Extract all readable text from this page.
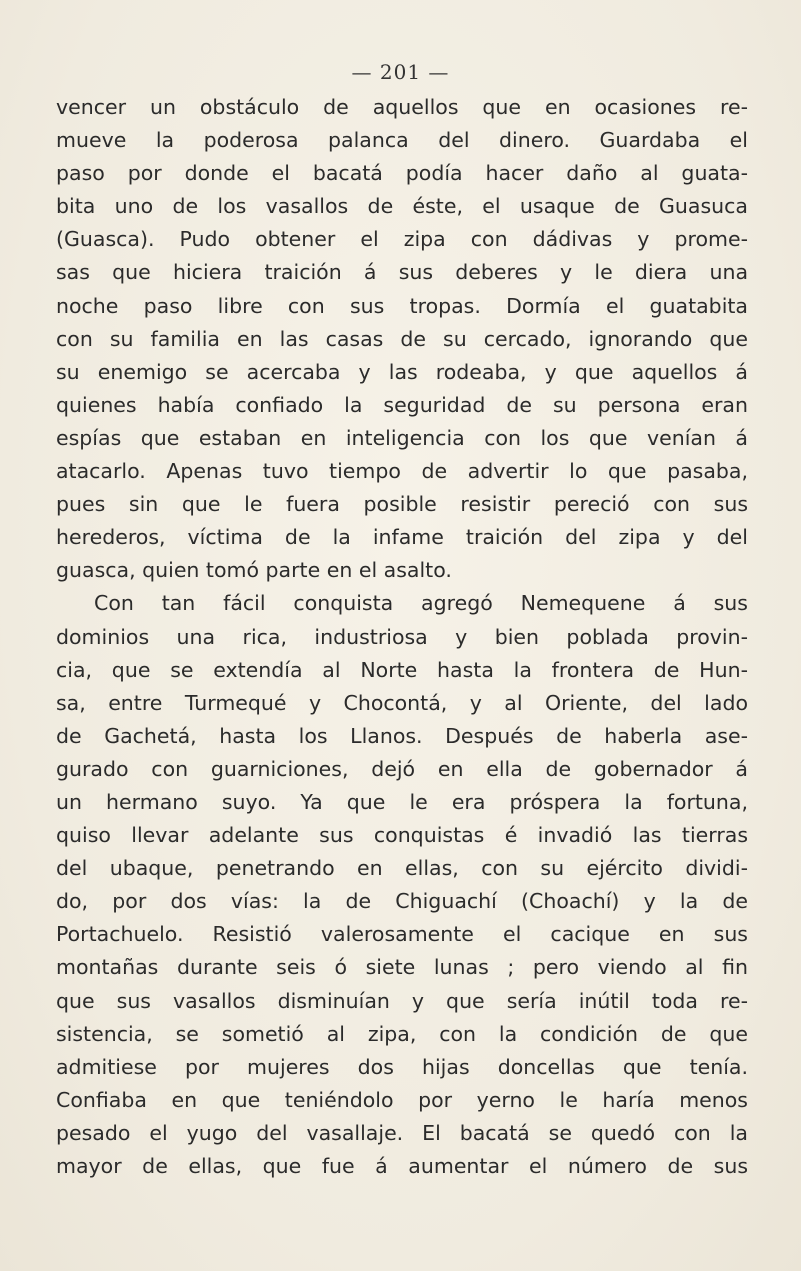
— 201 —
vencer un obstáculo de aquellos que en ocasiones re-
mueve la poderosa palanca del dinero. Guardaba el
paso por donde el bacatá podía hacer daño al guata-
bita uno de los vasallos de éste, el usaque de Guasuca
(Guasca). Pudo obtener el zipa con dádivas y prome-
sas que hiciera traición á sus deberes y le diera una
noche paso libre con sus tropas. Dormía el guatabita
con su familia en las casas de su cercado, ignorando que
su enemigo se acercaba y las rodeaba, y que aquellos á
quienes había confiado la seguridad de su persona eran
espías que estaban en inteligencia con los que venían á
atacarlo. Apenas tuvo tiempo de advertir lo que pasaba,
pues sin que le fuera posible resistir pereció con sus
herederos, víctima de la infame traición del zipa y del
guasca, quien tomó parte en el asalto.
Con tan fácil conquista agregó Nemequene á sus
dominios una rica, industriosa y bien poblada provin-
cia, que se extendía al Norte hasta la frontera de Hun-
sa, entre Turmequé y Chocontá, y al Oriente, del lado
de Gachetá, hasta los Llanos. Después de haberla ase-
gurado con guarniciones, dejó en ella de gobernador á
un hermano suyo. Ya que le era próspera la fortuna,
quiso llevar adelante sus conquistas é invadió las tierras
del ubaque, penetrando en ellas, con su ejército dividi-
do, por dos vías: la de Chiguachí (Choachí) y la de
Portachuelo. Resistió valerosamente el cacique en sus
montañas durante seis ó siete lunas ; pero viendo al fin
que sus vasallos disminuían y que sería inútil toda re-
sistencia, se sometió al zipa, con la condición de que
admitiese por mujeres dos hijas doncellas que tenía.
Confiaba en que teniéndolo por yerno le haría menos
pesado el yugo del vasallaje. El bacatá se quedó con la
mayor de ellas, que fue á aumentar el número de sus
